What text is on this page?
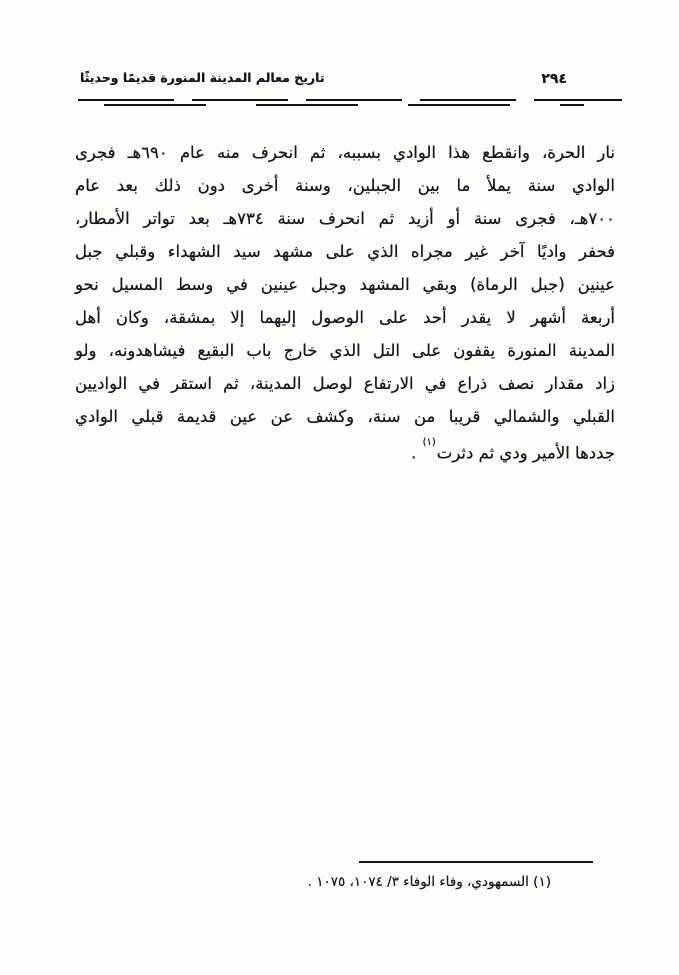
تاريخ معالم المدينة المنورة قديمًا وحديثًا	٢٩٤
نار الحرة، وانقطع هذا الوادي بسببه، ثم انحرف منه عام ٦٩٠هـ فجرى
الوادي سنة يملأ ما بين الجبلين، وسنة أخرى دون ذلك بعد عام
٧٠٠هـ، فجرى سنة أو أزيد ثم انحرف سنة ٧٣٤هـ بعد تواتر الأمطار،
فحفر واديًا آخر غير مجراه الذي على مشهد سيد الشهداء وقبلي جبل
عينين (جبل الرماة) وبقي المشهد وجبل عينين في وسط المسيل نحو
أربعة أشهر لا يقدر أحد على الوصول إليهما إلا بمشقة، وكان أهل
المدينة المنورة يقفون على التل الذي خارج باب البقيع فيشاهدونه، ولو
زاد مقدار نصف ذراع في الارتفاع لوصل المدينة، ثم استقر في الواديين
القبلي والشمالي قريبا من سنة، وكشف عن عين قديمة قبلي الوادي
جددها الأمير ودي ثم دثرت$^{(١)}$ .
(١) السمهودي، وفاء الوفاء ٣/ ١٠٧٤، ١٠٧٥ .
